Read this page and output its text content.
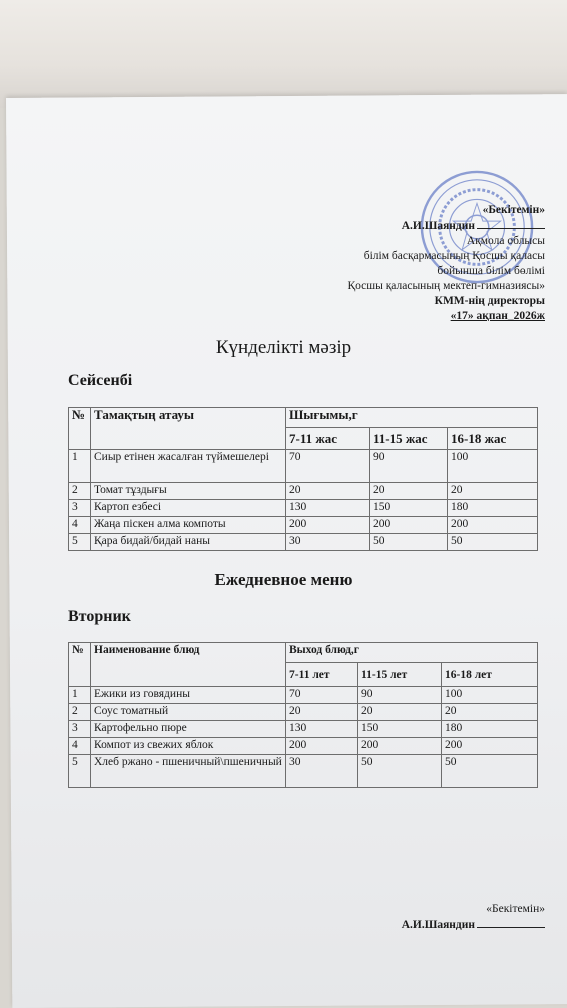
«Бекітемін»
А.И.Шаяндин
Ақмола облысы
білім басқармасының Қосшы қаласы
бойынша білім бөлімі
Қосшы қаласының мектеп-гимназиясы»
КММ-нің директоры
«17» ақпан_2026ж
Күнделікті мәзір
Сейсенбі
№	Тамақтың атауы	Шығымы,г		
		7-11 жас	11-15 жас	16-18 жас
1	Сиыр етінен жасалған түймешелері	70	90	100
2	Томат тұздығы	20	20	20
3	Картоп езбесі	130	150	180
4	Жаңа піскен алма компоты	200	200	200
5	Қара бидай/бидай наны	30	50	50
Ежедневное меню
Вторник
№	Наименование блюд	Выход блюд,г		
		7-11 лет	11-15 лет	16-18 лет
1	Ежики из говядины	70	90	100
2	Соус томатный	20	20	20
3	Картофельно пюре	130	150	180
4	Компот из свежих яблок	200	200	200
5	Хлеб ржано - пшеничный\пшеничный	30	50	50
«Бекітемін»
А.И.Шаяндин
